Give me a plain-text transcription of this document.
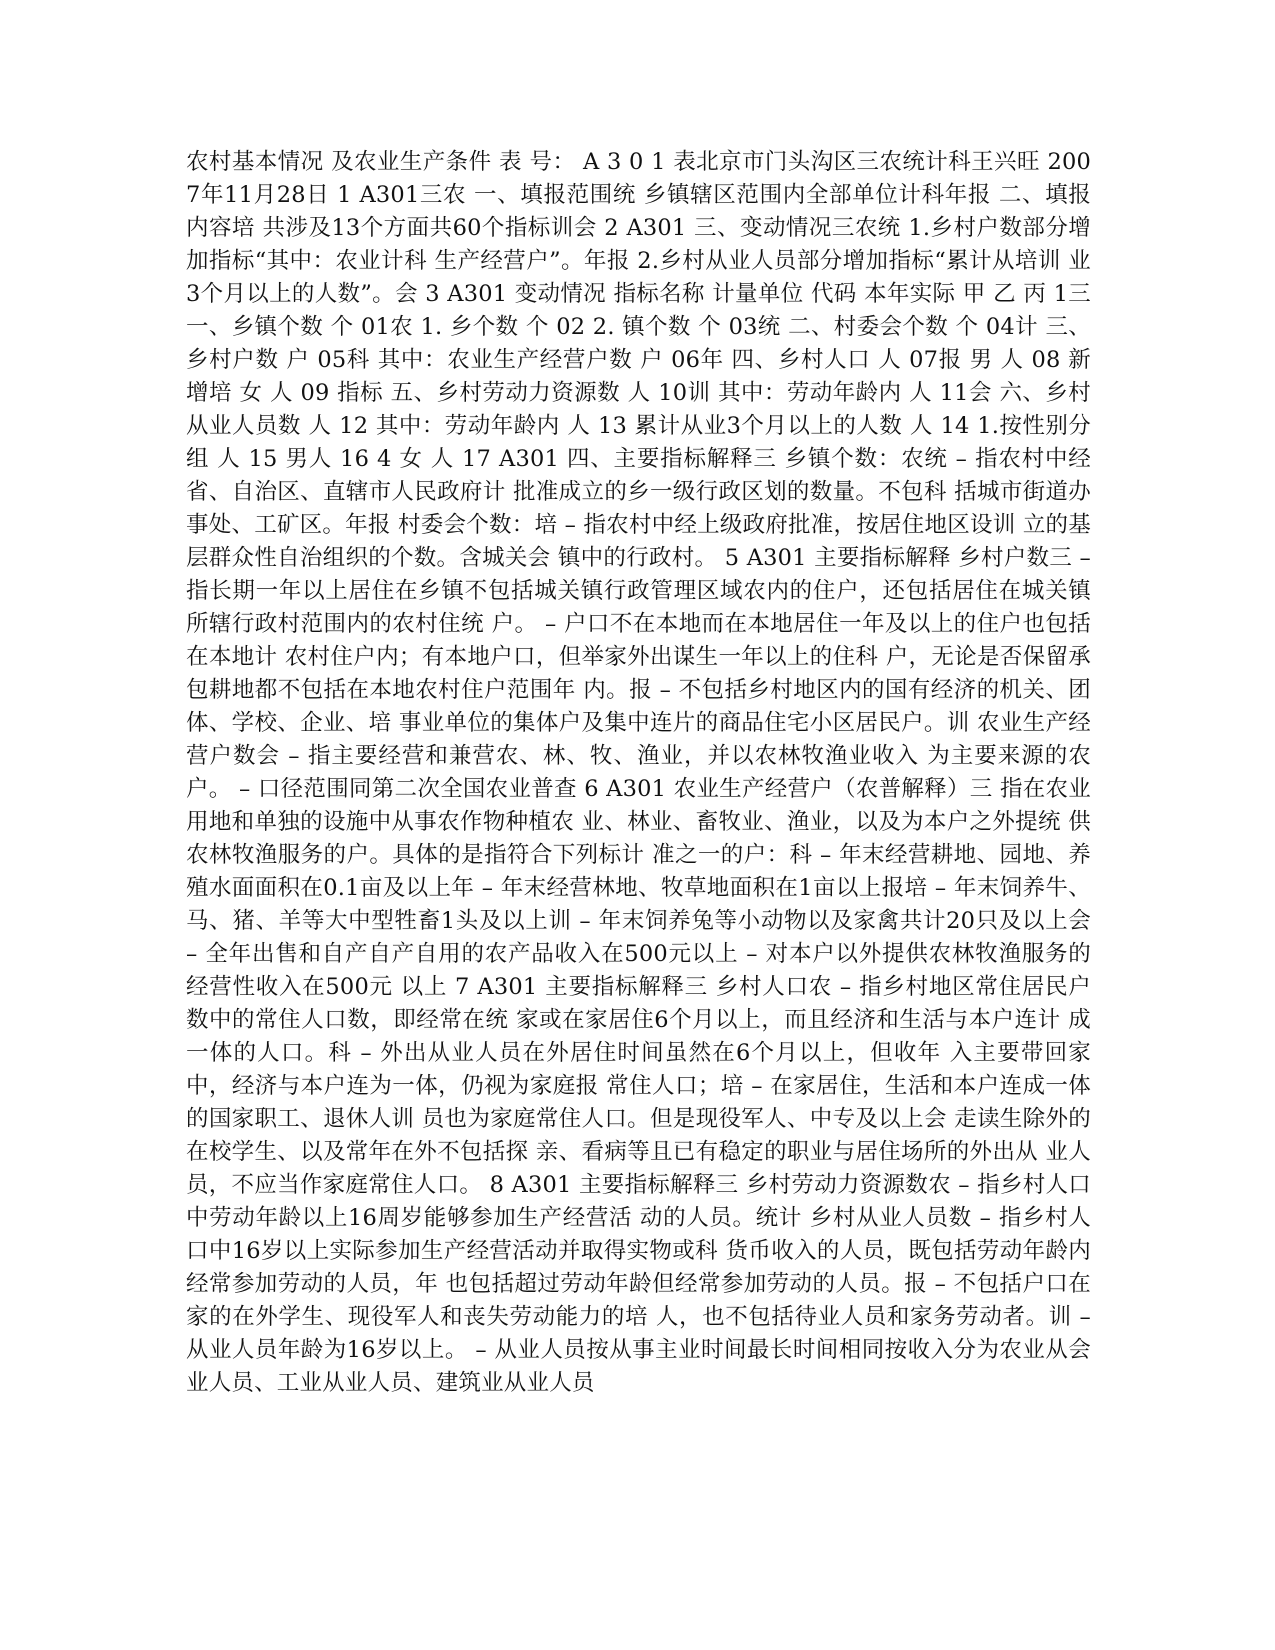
农村基本情况 及农业生产条件 表 号： A 3 0 1 表北京市门头沟区三农统计科王兴旺 2007年11月28日 1 A301三农 一、填报范围统 乡镇辖区范围内全部单位计科年报 二、填报内容培 共涉及13个方面共60个指标训会 2 A301 三、变动情况三农统 1.乡村户数部分增加指标“其中：农业计科 生产经营户”。年报 2.乡村从业人员部分增加指标“累计从培训 业3个月以上的人数”。会 3 A301 变动情况 指标名称 计量单位 代码 本年实际 甲 乙 丙 1三 一、乡镇个数 个 01农 1. 乡个数 个 02 2. 镇个数 个 03统 二、村委会个数 个 04计 三、乡村户数 户 05科 其中：农业生产经营户数 户 06年 四、乡村人口 人 07报 男 人 08 新增培 女 人 09 指标 五、乡村劳动力资源数 人 10训 其中：劳动年龄内 人 11会 六、乡村从业人员数 人 12 其中：劳动年龄内 人 13 累计从业3个月以上的人数 人 14 1.按性别分组 人 15 男人 16 4 女 人 17 A301 四、主要指标解释三 乡镇个数：农统 – 指农村中经省、自治区、直辖市人民政府计 批准成立的乡一级行政区划的数量。不包科 括城市街道办事处、工矿区。年报 村委会个数：培 – 指农村中经上级政府批准，按居住地区设训 立的基层群众性自治组织的个数。含城关会 镇中的行政村。 5 A301 主要指标解释 乡村户数三 – 指长期一年以上居住在乡镇不包括城关镇行政管理区域农内的住户，还包括居住在城关镇所辖行政村范围内的农村住统 户。 – 户口不在本地而在本地居住一年及以上的住户也包括在本地计 农村住户内；有本地户口，但举家外出谋生一年以上的住科 户，无论是否保留承包耕地都不包括在本地农村住户范围年 内。报 – 不包括乡村地区内的国有经济的机关、团体、学校、企业、培 事业单位的集体户及集中连片的商品住宅小区居民户。训 农业生产经营户数会 – 指主要经营和兼营农、林、牧、渔业，并以农林牧渔业收入 为主要来源的农户。 – 口径范围同第二次全国农业普查 6 A301 农业生产经营户（农普解释）三 指在农业用地和单独的设施中从事农作物种植农 业、林业、畜牧业、渔业，以及为本户之外提统 供农林牧渔服务的户。具体的是指符合下列标计 准之一的户：科 – 年末经营耕地、园地、养殖水面面积在0.1亩及以上年 – 年末经营林地、牧草地面积在1亩以上报培 – 年末饲养牛、马、猪、羊等大中型牲畜1头及以上训 – 年末饲养兔等小动物以及家禽共计20只及以上会 – 全年出售和自产自产自用的农产品收入在500元以上 – 对本户以外提供农林牧渔服务的经营性收入在500元 以上 7 A301 主要指标解释三 乡村人口农 – 指乡村地区常住居民户数中的常住人口数，即经常在统 家或在家居住6个月以上，而且经济和生活与本户连计 成一体的人口。科 – 外出从业人员在外居住时间虽然在6个月以上，但收年 入主要带回家中，经济与本户连为一体，仍视为家庭报 常住人口；培 – 在家居住，生活和本户连成一体的国家职工、退休人训 员也为家庭常住人口。但是现役军人、中专及以上会 走读生除外的在校学生、以及常年在外不包括探 亲、看病等且已有稳定的职业与居住场所的外出从 业人员，不应当作家庭常住人口。 8 A301 主要指标解释三 乡村劳动力资源数农 – 指乡村人口中劳动年龄以上16周岁能够参加生产经营活 动的人员。统计 乡村从业人员数 – 指乡村人口中16岁以上实际参加生产经营活动并取得实物或科 货币收入的人员，既包括劳动年龄内经常参加劳动的人员，年 也包括超过劳动年龄但经常参加劳动的人员。报 – 不包括户口在家的在外学生、现役军人和丧失劳动能力的培 人，也不包括待业人员和家务劳动者。训 – 从业人员年龄为16岁以上。 – 从业人员按从事主业时间最长时间相同按收入分为农业从会 业人员、工业从业人员、建筑业从业人员
